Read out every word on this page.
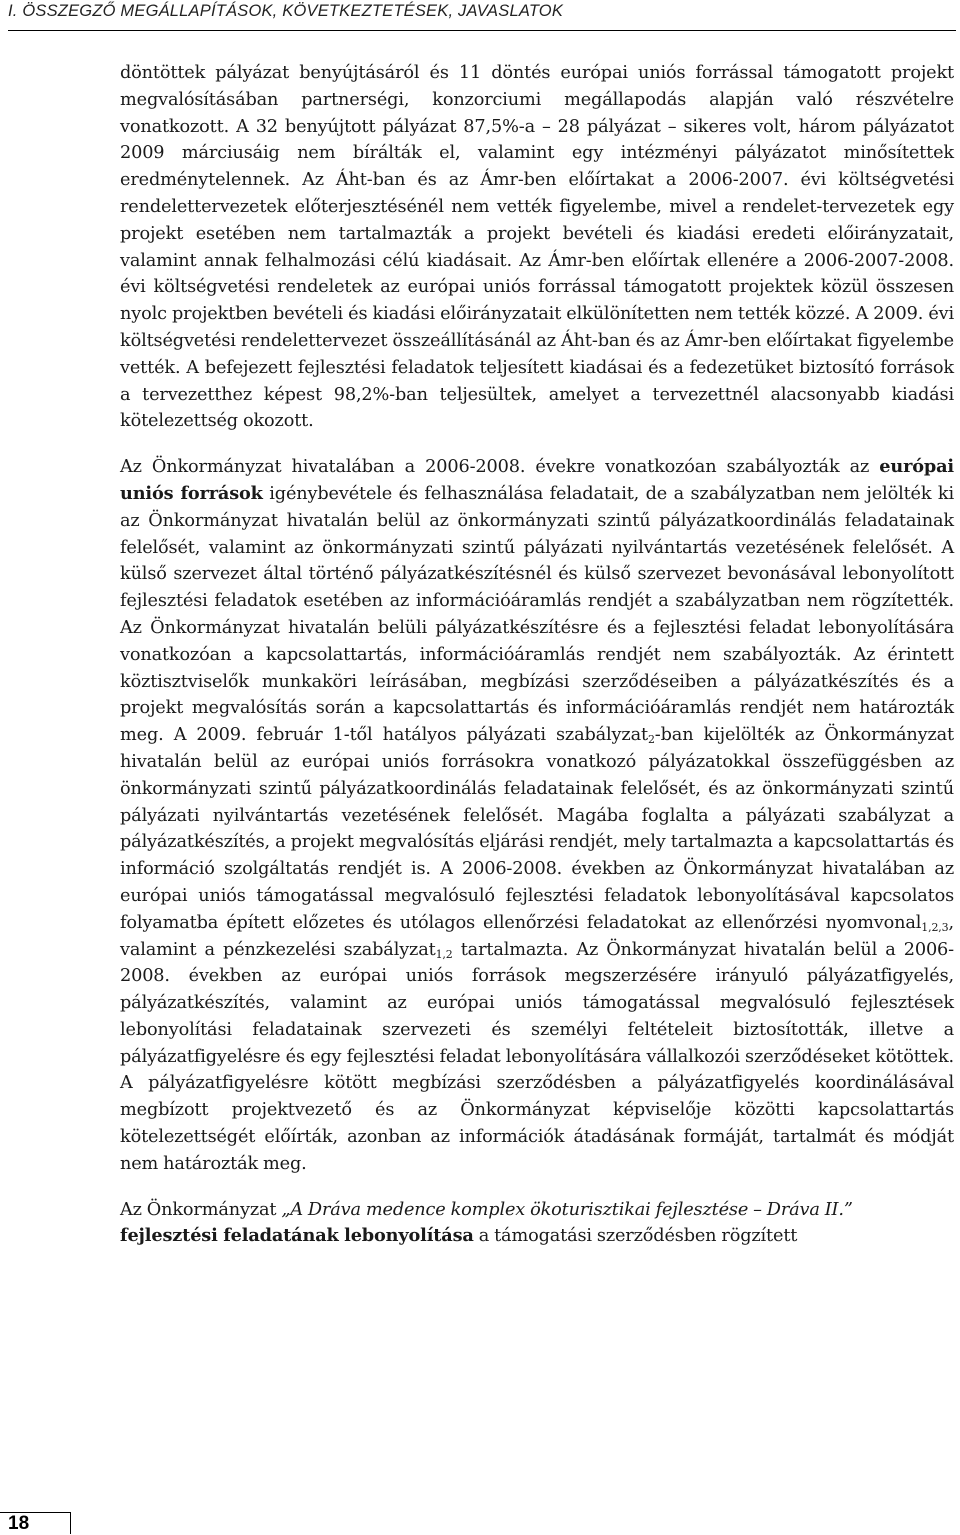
I. ÖSSZEGZŐ MEGÁLLAPÍTÁSOK, KÖVETKEZTETÉSEK, JAVASLATOK

döntöttek pályázat benyújtásáról és 11 döntés európai uniós forrással támogatott projekt megvalósításában partnerségi, konzorciumi megállapodás alapján való részvételre vonatkozott. A 32 benyújtott pályázat 87,5%-a – 28 pályázat – sikeres volt, három pályázatot 2009 márciusáig nem bírálták el, valamint egy intézményi pályázatot minősítettek eredménytelennek. Az Áht-ban és az Ámr-ben előírtakat a 2006-2007. évi költségvetési rendelettervezetek előterjesztésénél nem vették figyelembe, mivel a rendelet-tervezetek egy projekt esetében nem tartalmazták a projekt bevételi és kiadási eredeti előirányzatait, valamint annak felhalmozási célú kiadásait. Az Ámr-ben előírtak ellenére a 2006-2007-2008. évi költségvetési rendeletek az európai uniós forrással támogatott projektek közül összesen nyolc projektben bevételi és kiadási előirányzatait elkülönítetten nem tették közzé. A 2009. évi költségvetési rendelettervezet összeállításánál az Áht-ban és az Ámr-ben előírtakat figyelembe vették. A befejezett fejlesztési feladatok teljesített kiadásai és a fedezetüket biztosító források a tervezetthez képest 98,2%-ban teljesültek, amelyet a tervezettnél alacsonyabb kiadási kötelezettség okozott.

Az Önkormányzat hivatalában a 2006-2008. évekre vonatkozóan szabályozták az európai uniós források igénybevétele és felhasználása feladatait, de a szabályzatban nem jelölték ki az Önkormányzat hivatalán belül az önkormányzati szintű pályázatkoordinálás feladatainak felelősét, valamint az önkormányzati szintű pályázati nyilvántartás vezetésének felelősét. A külső szervezet által történő pályázatkészítésnél és külső szervezet bevonásával lebonyolított fejlesztési feladatok esetében az információáramlás rendjét a szabályzatban nem rögzítették. Az Önkormányzat hivatalán belüli pályázatkészítésre és a fejlesztési feladat lebonyolítására vonatkozóan a kapcsolattartás, információáramlás rendjét nem szabályozták. Az érintett köztisztviselők munkaköri leírásában, megbízási szerződéseiben a pályázatkészítés és a projekt megvalósítás során a kapcsolattartás és információáramlás rendjét nem határozták meg. A 2009. február 1-től hatályos pályázati szabályzat$_2$-ban kijelölték az Önkormányzat hivatalán belül az európai uniós forrásokra vonatkozó pályázatokkal összefüggésben az önkormányzati szintű pályázatkoordinálás feladatainak felelősét, és az önkormányzati szintű pályázati nyilvántartás vezetésének felelősét. Magába foglalta a pályázati szabályzat a pályázatkészítés, a projekt megvalósítás eljárási rendjét, mely tartalmazta a kapcsolattartás és információ szolgáltatás rendjét is. A 2006-2008. években az Önkormányzat hivatalában az európai uniós támogatással megvalósuló fejlesztési feladatok lebonyolításával kapcsolatos folyamatba épített előzetes és utólagos ellenőrzési feladatokat az ellenőrzési nyomvonal$_{1,2,3}$, valamint a pénzkezelési szabályzat$_{1,2}$ tartalmazta. Az Önkormányzat hivatalán belül a 2006-2008. években az európai uniós források megszerzésére irányuló pályázatfigyelés, pályázatkészítés, valamint az európai uniós támogatással megvalósuló fejlesztések lebonyolítási feladatainak szervezeti és személyi feltételeit biztosították, illetve a pályázatfigyelésre és egy fejlesztési feladat lebonyolítására vállalkozói szerződéseket kötöttek. A pályázatfigyelésre kötött megbízási szerződésben a pályázatfigyelés koordinálásával megbízott projektvezető és az Önkormányzat képviselője közötti kapcsolattartás kötelezettségét előírták, azonban az információk átadásának formáját, tartalmát és módját nem határozták meg.

Az Önkormányzat „A Dráva medence komplex ökoturisztikai fejlesztése – Dráva II.”
fejlesztési feladatának lebonyolítása a támogatási szerződésben rögzített

18
